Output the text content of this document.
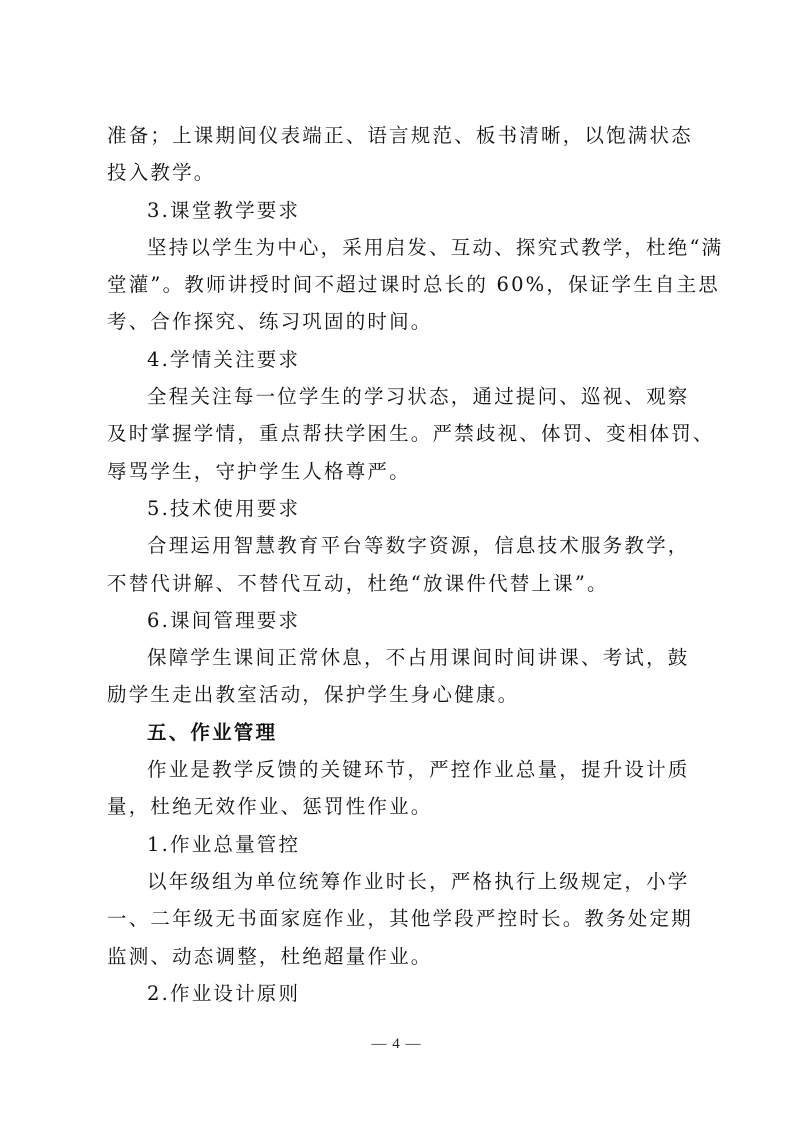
准备；上课期间仪表端正、语言规范、板书清晰，以饱满状态
投入教学。
3.课堂教学要求
坚持以学生为中心，采用启发、互动、探究式教学，杜绝“满
堂灌”。教师讲授时间不超过课时总长的 60%，保证学生自主思
考、合作探究、练习巩固的时间。
4.学情关注要求
全程关注每一位学生的学习状态，通过提问、巡视、观察
及时掌握学情，重点帮扶学困生。严禁歧视、体罚、变相体罚、
辱骂学生，守护学生人格尊严。
5.技术使用要求
合理运用智慧教育平台等数字资源，信息技术服务教学，
不替代讲解、不替代互动，杜绝“放课件代替上课”。
6.课间管理要求
保障学生课间正常休息，不占用课间时间讲课、考试，鼓
励学生走出教室活动，保护学生身心健康。
五、作业管理
作业是教学反馈的关键环节，严控作业总量，提升设计质
量，杜绝无效作业、惩罚性作业。
1.作业总量管控
以年级组为单位统筹作业时长，严格执行上级规定，小学
一、二年级无书面家庭作业，其他学段严控时长。教务处定期
监测、动态调整，杜绝超量作业。
2.作业设计原则
— 4 —
